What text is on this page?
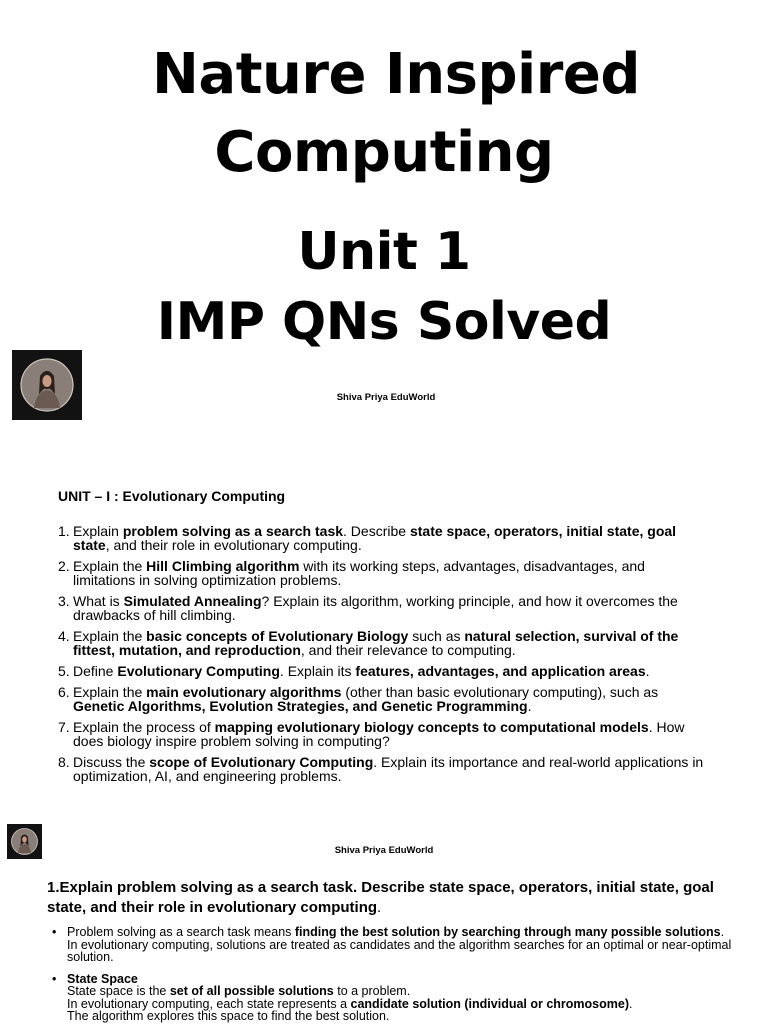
Nature Inspired
Computing
Unit 1
IMP QNs Solved
Shiva Priya EduWorld
UNIT – I : Evolutionary Computing
1. Explain problem solving as a search task. Describe state space, operators, initial state, goal state, and their role in evolutionary computing.
2. Explain the Hill Climbing algorithm with its working steps, advantages, disadvantages, and limitations in solving optimization problems.
3. What is Simulated Annealing? Explain its algorithm, working principle, and how it overcomes the drawbacks of hill climbing.
4. Explain the basic concepts of Evolutionary Biology such as natural selection, survival of the fittest, mutation, and reproduction, and their relevance to computing.
5. Define Evolutionary Computing. Explain its features, advantages, and application areas.
6. Explain the main evolutionary algorithms (other than basic evolutionary computing), such as Genetic Algorithms, Evolution Strategies, and Genetic Programming.
7. Explain the process of mapping evolutionary biology concepts to computational models. How does biology inspire problem solving in computing?
8. Discuss the scope of Evolutionary Computing. Explain its importance and real-world applications in optimization, AI, and engineering problems.
Shiva Priya EduWorld
1.Explain problem solving as a search task. Describe state space, operators, initial state, goal state, and their role in evolutionary computing.
• Problem solving as a search task means finding the best solution by searching through many possible solutions. In evolutionary computing, solutions are treated as candidates and the algorithm searches for an optimal or near-optimal solution.
• State Space
State space is the set of all possible solutions to a problem.
In evolutionary computing, each state represents a candidate solution (individual or chromosome).
The algorithm explores this space to find the best solution.
